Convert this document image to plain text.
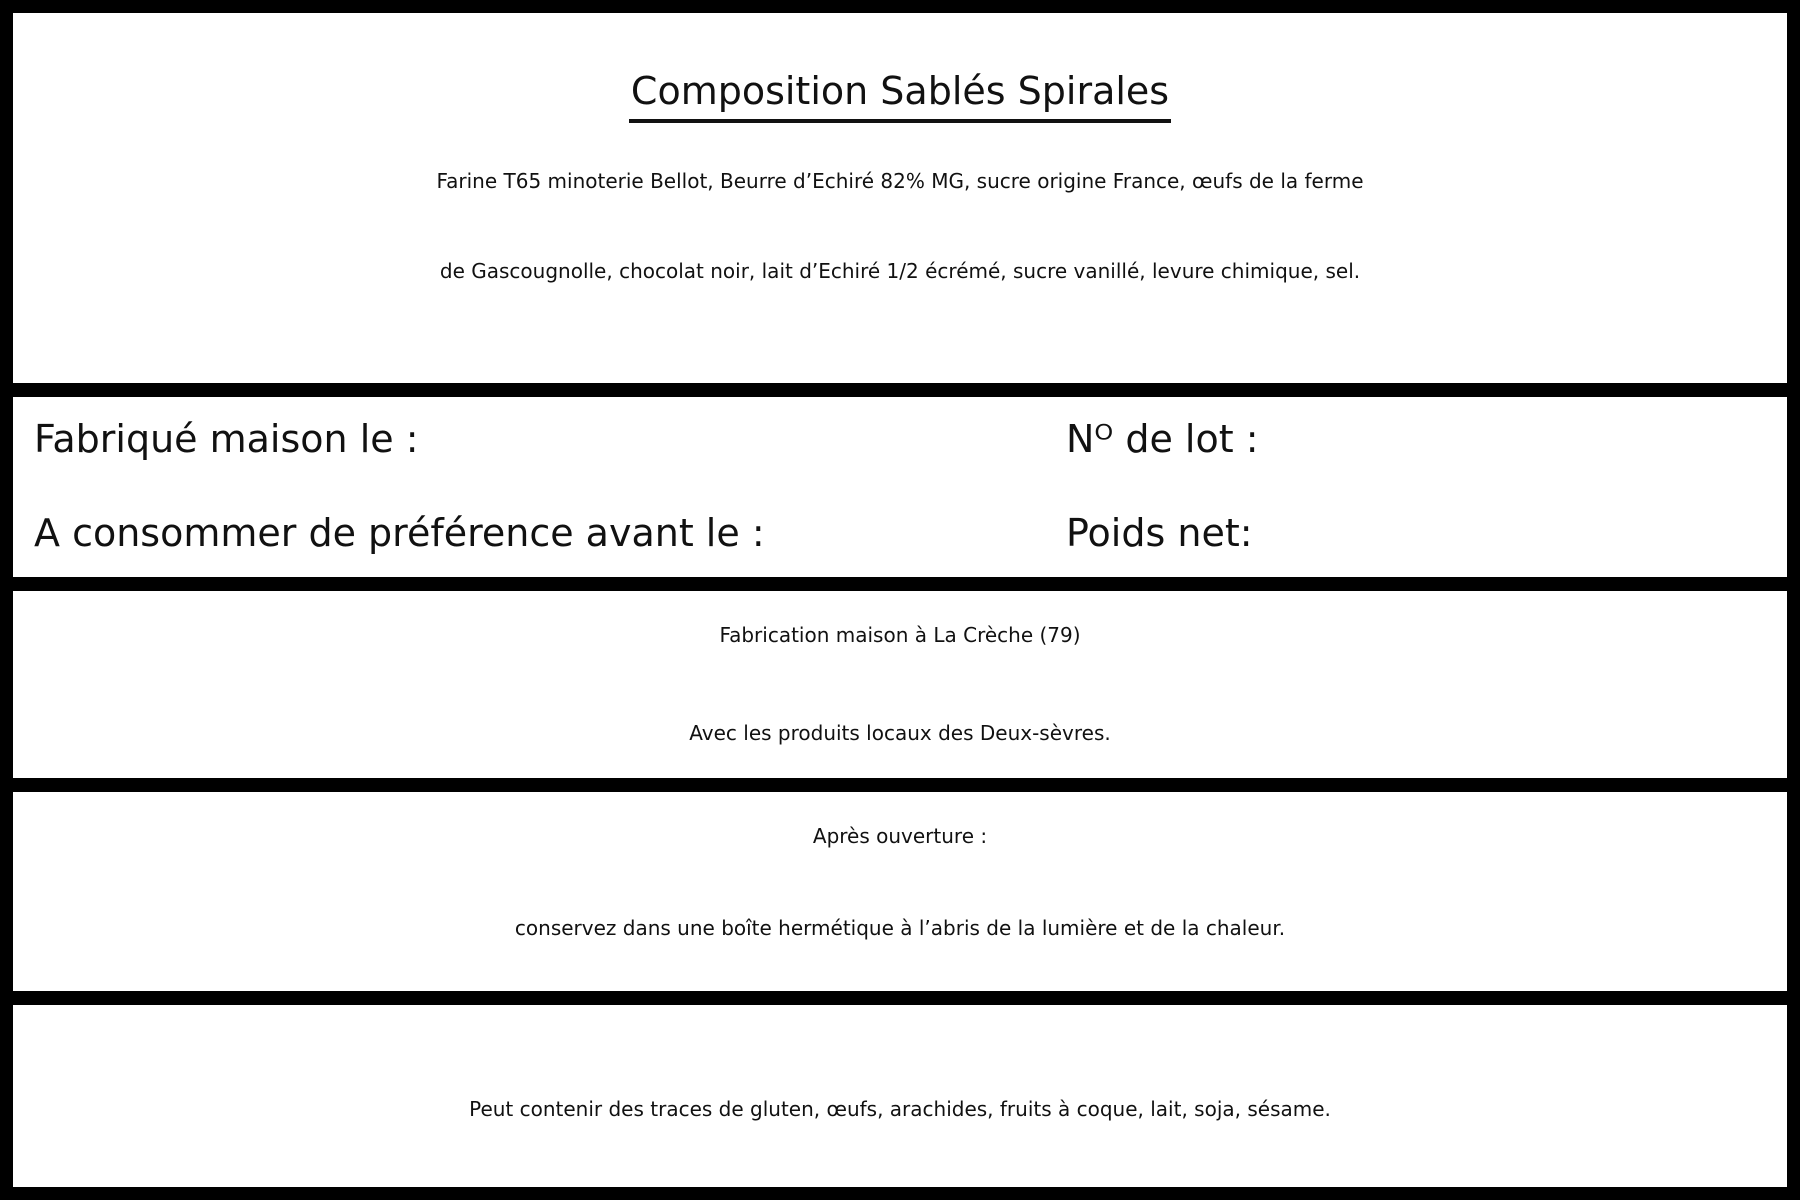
Composition Sablés Spirales
Farine T65 minoterie Bellot, Beurre d’Echiré 82% MG, sucre origine France, œufs de la ferme
de Gascougnolle, chocolat noir, lait d’Echiré 1/2 écrémé, sucre vanillé, levure chimique, sel.
Fabriqué maison le :	Nᴼ de lot :
A consommer de préférence avant le :	Poids net:
Fabrication maison à La Crèche (79)
Avec les produits locaux des Deux-sèvres.
Après ouverture :
conservez dans une boîte hermétique à l’abris de la lumière et de la chaleur.
Peut contenir des traces de gluten, œufs, arachides, fruits à coque, lait, soja, sésame.
